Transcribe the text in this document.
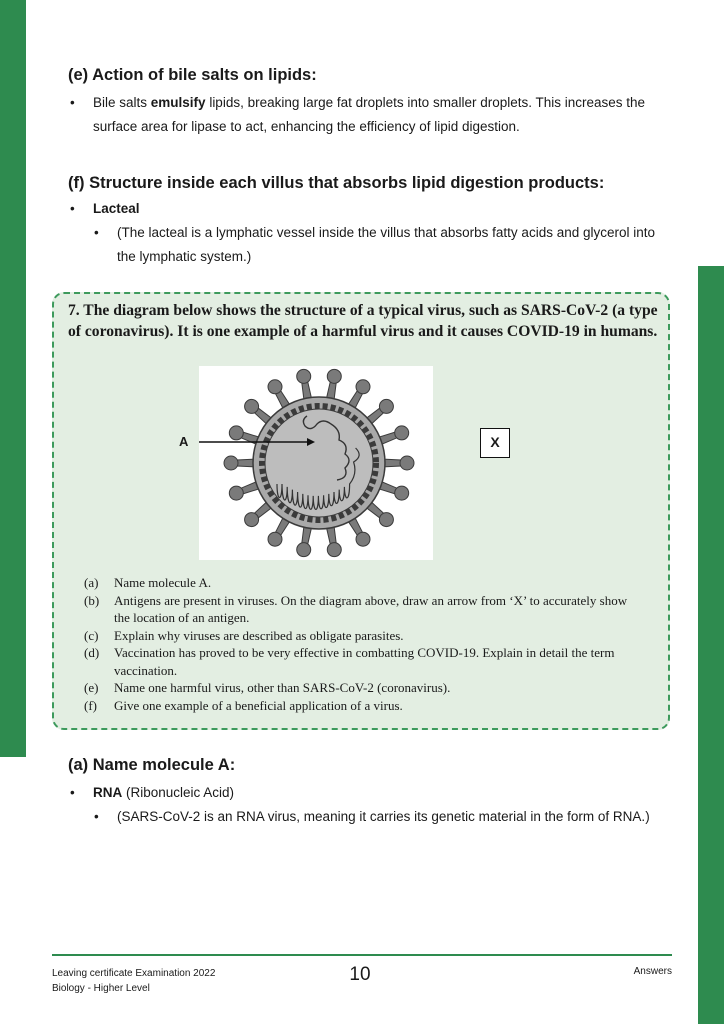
(e) Action of bile salts on lipids:

• Bile salts emulsify lipids, breaking large fat droplets into smaller droplets. This increases the surface area for lipase to act, enhancing the efficiency of lipid digestion.

(f) Structure inside each villus that absorbs lipid digestion products:

• Lacteal
• (The lacteal is a lymphatic vessel inside the villus that absorbs fatty acids and glycerol into the lymphatic system.)
7. The diagram below shows the structure of a typical virus, such as SARS-CoV-2 (a type of coronavirus). It is one example of a harmful virus and it causes COVID-19 in humans.
A	X
(a)	Name molecule A.
(b)	Antigens are present in viruses. On the diagram above, draw an arrow from ‘X’ to accurately show the location of an antigen.
(c)	Explain why viruses are described as obligate parasites.
(d)	Vaccination has proved to be very effective in combatting COVID-19. Explain in detail the term vaccination.
(e)	Name one harmful virus, other than SARS-CoV-2 (coronavirus).
(f)	Give one example of a beneficial application of a virus.

(a) Name molecule A:

• RNA (Ribonucleic Acid)
• (SARS-CoV-2 is an RNA virus, meaning it carries its genetic material in the form of RNA.)
Leaving certificate Examination 2022
Biology - Higher Level
10	Answers
